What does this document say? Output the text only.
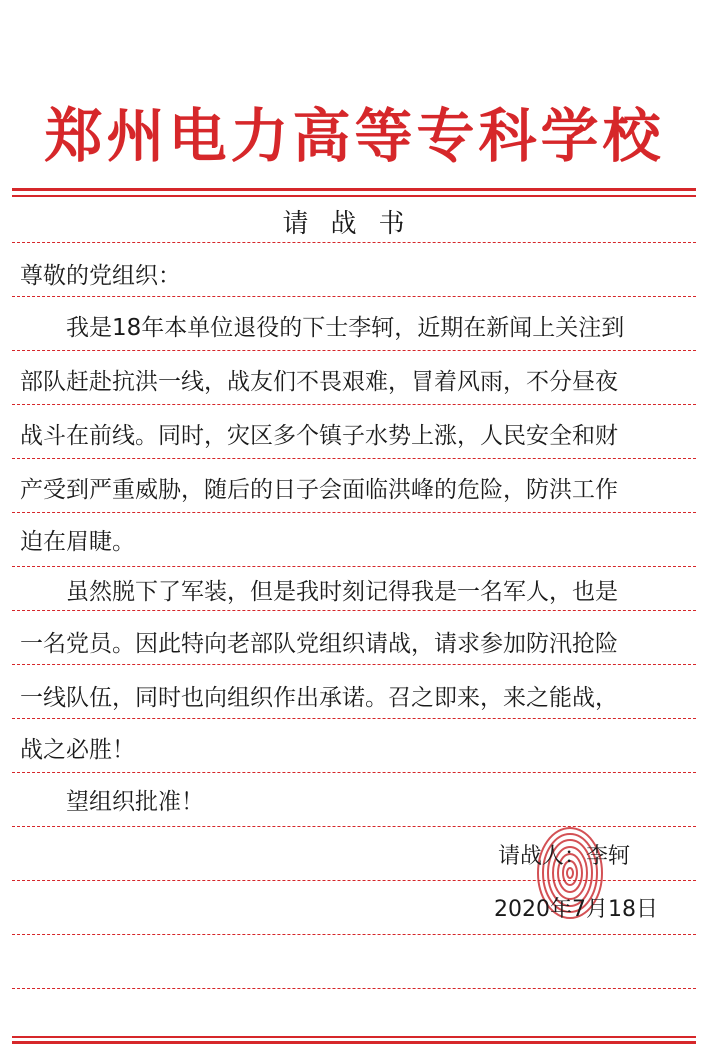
郑州电力高等专科学校
请战书
尊敬的党组织：
　　我是18年本单位退役的下士李轲，近期在新闻上关注到
部队赶赴抗洪一线，战友们不畏艰难，冒着风雨，不分昼夜
战斗在前线。同时，灾区多个镇子水势上涨，人民安全和财
产受到严重威胁，随后的日子会面临洪峰的危险，防洪工作
迫在眉睫。
　　虽然脱下了军装，但是我时刻记得我是一名军人，也是
一名党员。因此特向老部队党组织请战，请求参加防汛抢险
一线队伍，同时也向组织作出承诺。召之即来，来之能战，
战之必胜！
　　望组织批准！
请战人：李轲
2020年7月18日
